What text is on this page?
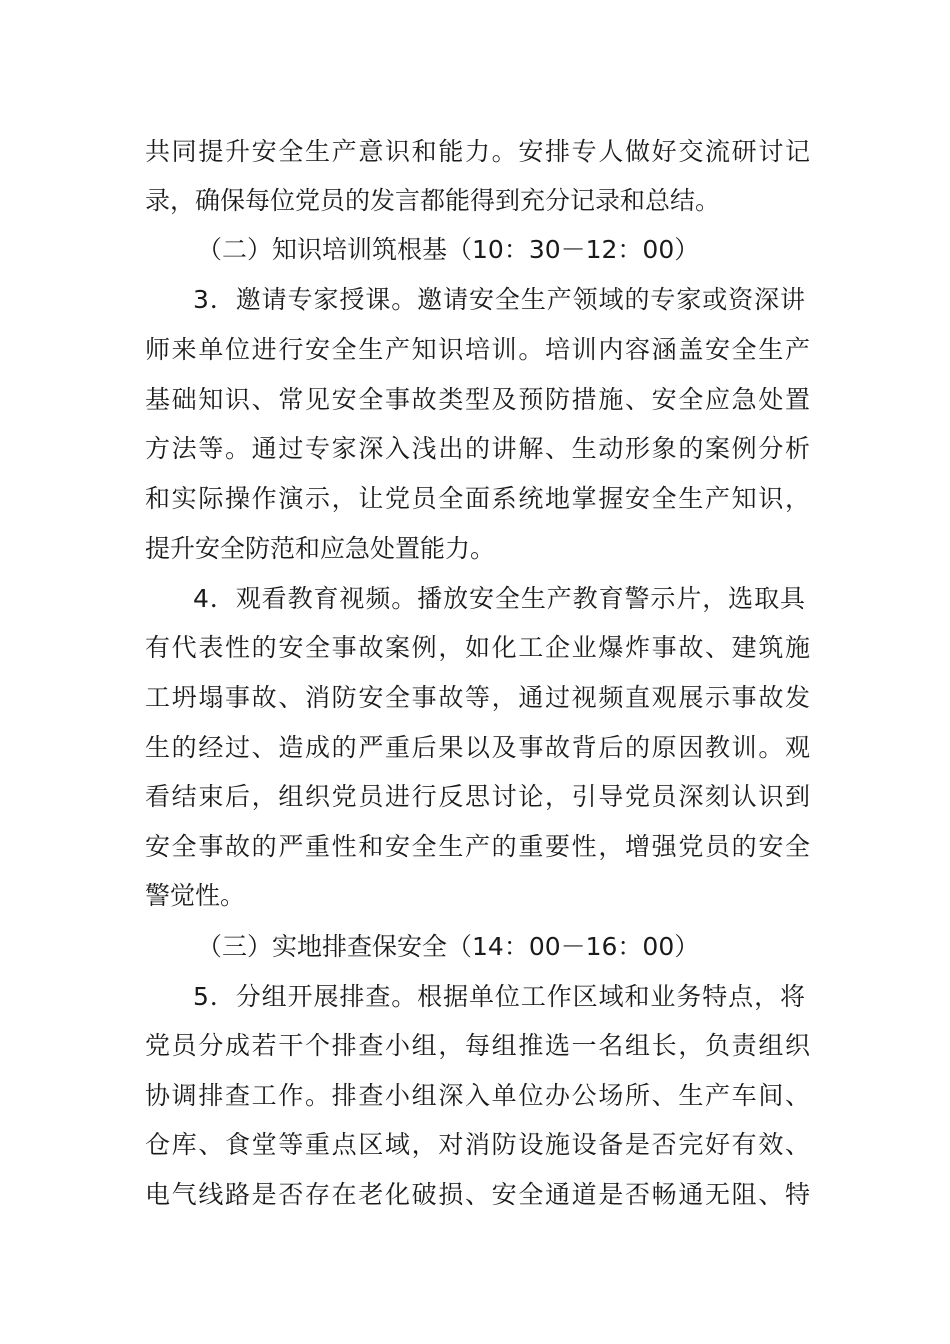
共同提升安全生产意识和能力。安排专人做好交流研讨记
录，确保每位党员的发言都能得到充分记录和总结。
（二）知识培训筑根基（10：30－12：00）
3．邀请专家授课。邀请安全生产领域的专家或资深讲
师来单位进行安全生产知识培训。培训内容涵盖安全生产
基础知识、常见安全事故类型及预防措施、安全应急处置
方法等。通过专家深入浅出的讲解、生动形象的案例分析
和实际操作演示，让党员全面系统地掌握安全生产知识，
提升安全防范和应急处置能力。
4．观看教育视频。播放安全生产教育警示片，选取具
有代表性的安全事故案例，如化工企业爆炸事故、建筑施
工坍塌事故、消防安全事故等，通过视频直观展示事故发
生的经过、造成的严重后果以及事故背后的原因教训。观
看结束后，组织党员进行反思讨论，引导党员深刻认识到
安全事故的严重性和安全生产的重要性，增强党员的安全
警觉性。
（三）实地排查保安全（14：00－16：00）
5．分组开展排查。根据单位工作区域和业务特点，将
党员分成若干个排查小组，每组推选一名组长，负责组织
协调排查工作。排查小组深入单位办公场所、生产车间、
仓库、食堂等重点区域，对消防设施设备是否完好有效、
电气线路是否存在老化破损、安全通道是否畅通无阻、特
